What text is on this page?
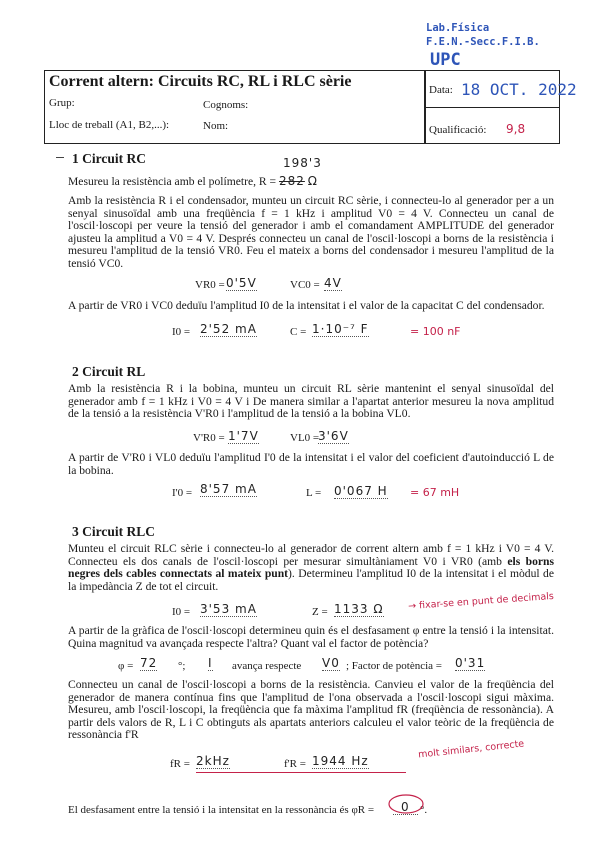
Lab.Física
F.E.N.-Secc.F.I.B.
UPC
Corrent altern: Circuits RC, RL i RLC sèrie
Grup:	Cognoms:
Lloc de treball (A1, B2,...):	Nom:
Data: 18 OCT. 2022
Qualificació: 9,8
1 Circuit RC	198'3
Mesureu la resistència amb el polímetre, R = 282 Ω
Amb la resistència R i el condensador, munteu un circuit RC sèrie, i connecteu-lo al generador per a un senyal sinusoïdal amb una freqüència f = 1 kHz i amplitud V0 = 4 V. Connecteu un canal de l'oscil·loscopi per veure la tensió del generador i amb el comandament AMPLITUDE del generador ajusteu la amplitud a V0 = 4 V. Després connecteu un canal de l'oscil·loscopi a borns de la resistència i mesureu l'amplitud de la tensió VR0. Feu el mateix a borns del condensador i mesureu l'amplitud de la tensió VC0.
VR0 = 0'5V	VC0 = 4V
A partir de VR0 i VC0 deduïu l'amplitud I0 de la intensitat i el valor de la capacitat C del condensador.
I0 = 2'52 mA	C = 1·10⁻⁷ F	= 100 nF
2 Circuit RL
Amb la resistència R i la bobina, munteu un circuit RL sèrie mantenint el senyal sinusoïdal del generador amb f = 1 kHz i V0 = 4 V i De manera similar a l'apartat anterior mesureu la nova amplitud de la tensió a la resistència V'R0 i l'amplitud de la tensió a la bobina VL0.
V'R0 = 1'7V	VL0 =
3'6V
A partir de V'R0 i VL0 deduïu l'amplitud I'0 de la intensitat i el valor del coeficient d'autoinducció L de la bobina.
I'0 = 8'57 mA	L = 0'067 H = 67 mH
3 Circuit RLC
Munteu el circuit RLC sèrie i connecteu-lo al generador de corrent altern amb f = 1 kHz i V0 = 4 V. Connecteu els dos canals de l'oscil·loscopi per mesurar simultàniament V0 i VR0 (amb els borns negres dels cables connectats al mateix punt). Determineu l'amplitud I0 de la intensitat i el mòdul de la impedància Z de tot el circuit.
I0 = 3'53 mA	Z = 1133 Ω	→ fixar-se en punt de decimals
A partir de la gràfica de l'oscil·loscopi determineu quin és el desfasament φ entre la tensió i la intensitat. Quina magnitud va avançada respecte l'altra? Quant val el factor de potència?
φ = 72 °; I avança respecte V0 ; Factor de potència = 0'31
Connecteu un canal de l'oscil·loscopi a borns de la resistència. Canvieu el valor de la freqüència del generador de manera contínua fins que l'amplitud de l'ona observada a l'oscil·loscopi sigui màxima. Mesureu, amb l'oscil·loscopi, la freqüència que fa màxima l'amplitud fR (freqüència de ressonància). A partir dels valors de R, L i C obtinguts als apartats anteriors calculeu el valor teòric de la freqüència de ressonància f'R
fR = 2kHz	f'R = 1944 Hz
molt similars, correcte
El desfasament entre la tensió i la intensitat en la ressonància és φR =	0 °.
